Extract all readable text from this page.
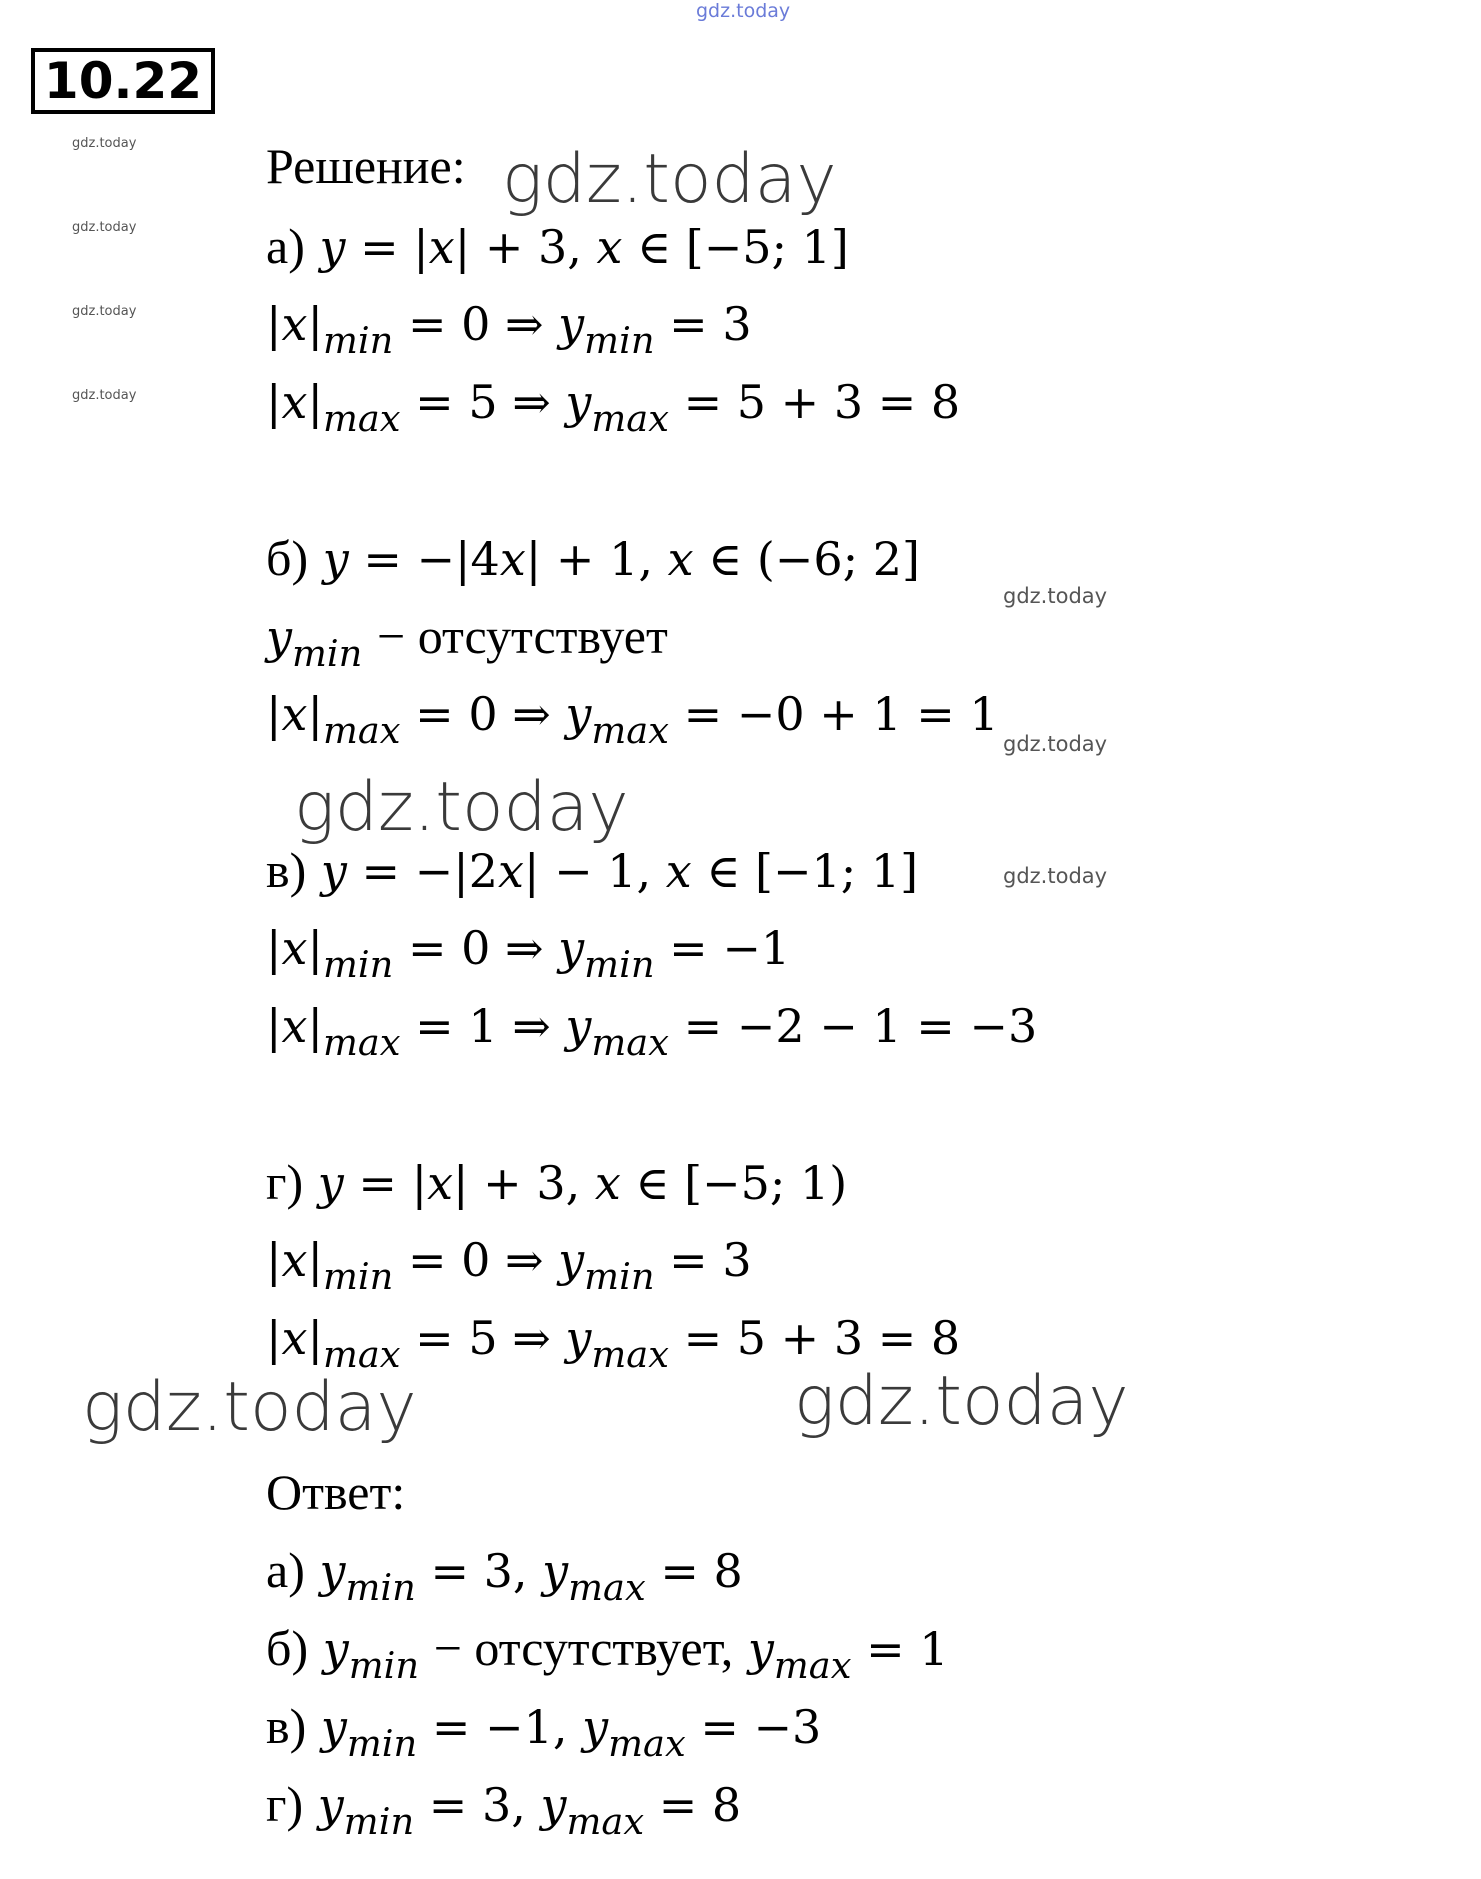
gdz.today
gdz.today
gdz.today
gdz.today
gdz.today
gdz.today
gdz.today
gdz.today
gdz.today
gdz.today
gdz.today	gdz.today
10.22
Решение:
а) y = |x| + 3, x ∈ [−5; 1]
$|x|_{min} = 0$ ⇒ $y_{min} = 3$
$|x|_{max} = 5$ ⇒ $y_{max} = 5 + 3 = 8$
б) y = −|4x| + 1, x ∈ (−6; 2]
$y_{min}$ − отсутствует
$|x|_{max} = 0$ ⇒ $y_{max} = -0 + 1 = 1$
в) y = −|2x| − 1, x ∈ [−1; 1]
$|x|_{min} = 0$ ⇒ $y_{min} = -1$
$|x|_{max} = 1$ ⇒ $y_{max} = -2 - 1 = -3$
г) y = |x| + 3, x ∈ [−5; 1)
$|x|_{min} = 0$ ⇒ $y_{min} = 3$
$|x|_{max} = 5$ ⇒ $y_{max} = 5 + 3 = 8$
Ответ:
а) $y_{min} = 3$, $y_{max} = 8$
б) $y_{min}$ − отсутствует, $y_{max} = 1$
в) $y_{min} = -1$, $y_{max} = -3$
г) $y_{min} = 3$, $y_{max} = 8$
